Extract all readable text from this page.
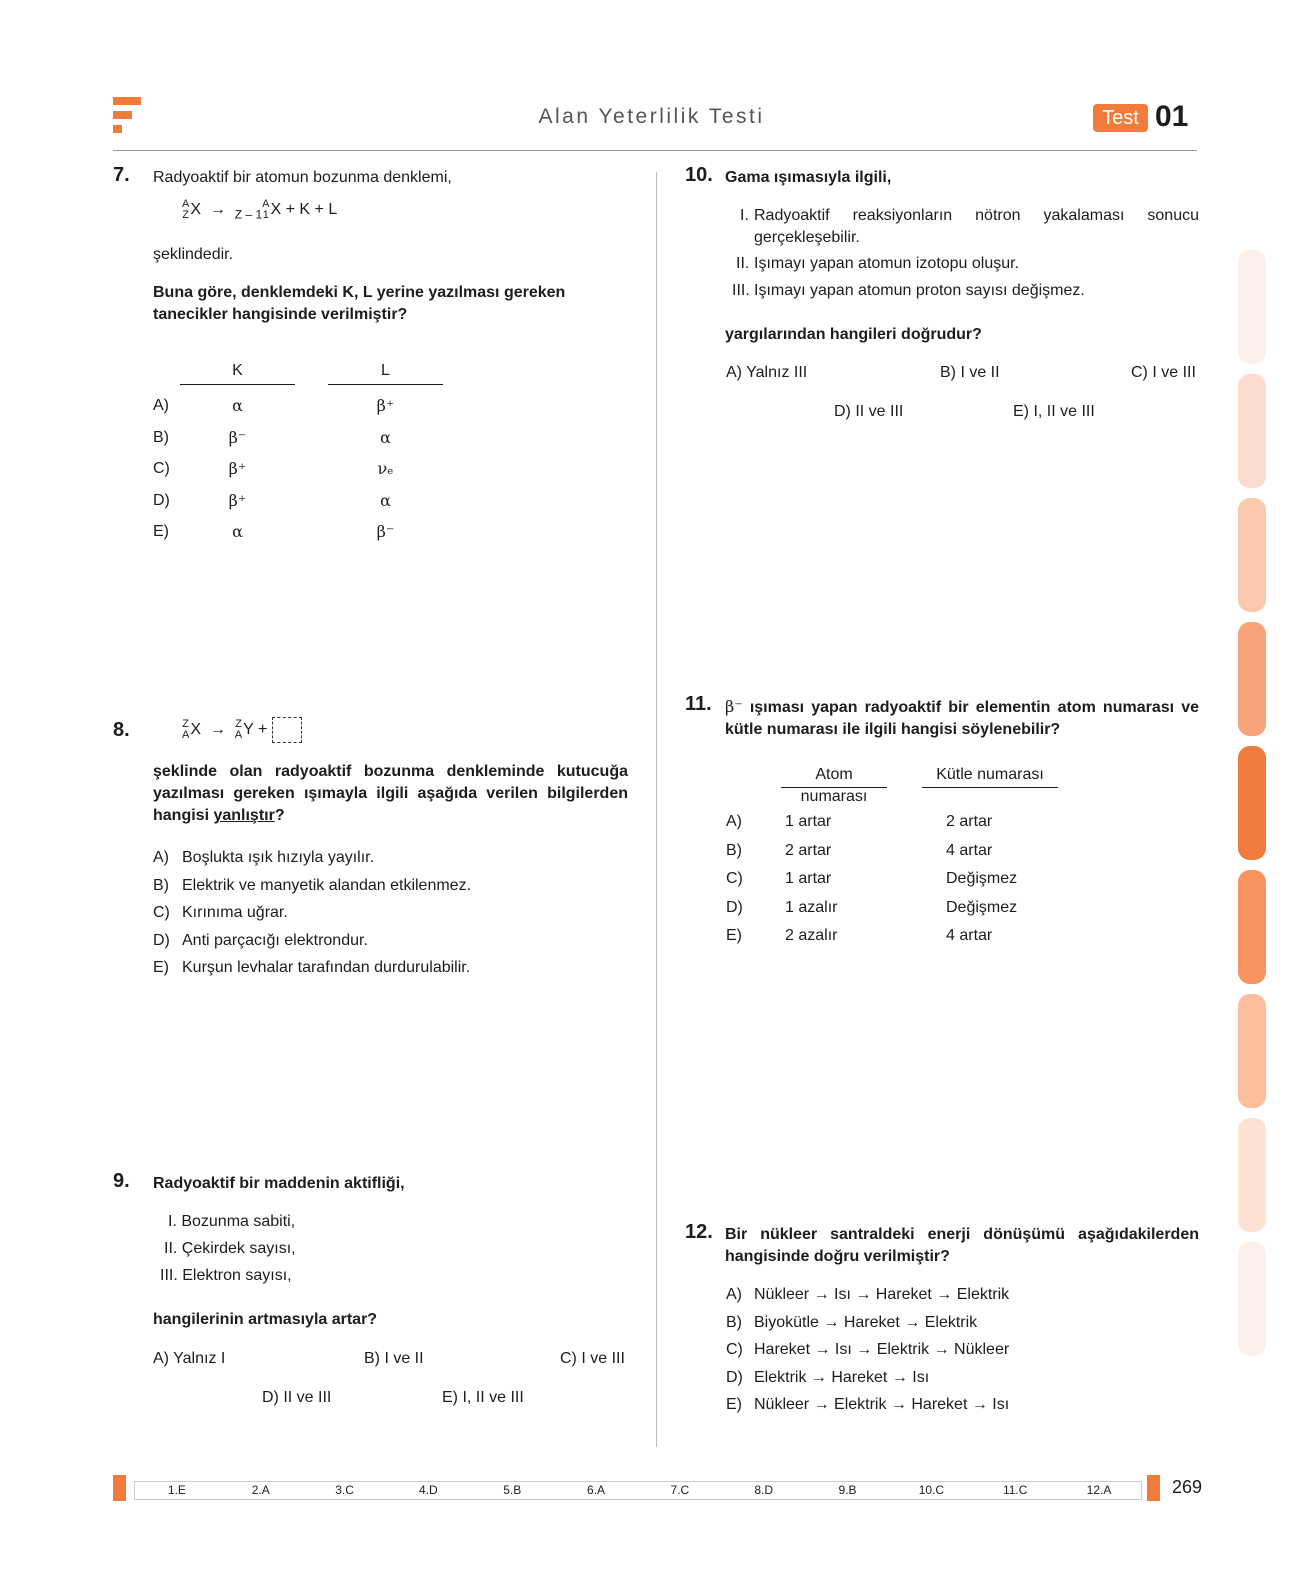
Alan Yeterlilik Testi	Test 01
7. Radyoaktif bir atomun bozunma denklemi,
A
ZX → $_{Z - 1}$A
1 X + K + L
şeklindedir.
Buna göre, denklemdeki K, L yerine yazılması gereken tanecikler hangisinde verilmiştir?
K	L
A)	α	β⁺
B)	β⁻	α
C)	β⁺	νₑ
D)	β⁺	α
E)	α	β⁻
8.	Z
AX → Z
AY +
şeklinde olan radyoaktif bozunma denkleminde kutucuğa yazılması gereken ışımayla ilgili aşağıda verilen bilgilerden hangisi yanlıştır?
A) Boşlukta ışık hızıyla yayılır.
B) Elektrik ve manyetik alandan etkilenmez.
C) Kırınıma uğrar.
D) Anti parçacığı elektrondur.
E) Kurşun levhalar tarafından durdurulabilir.
9. Radyoaktif bir maddenin aktifliği,
I. Bozunma sabiti,
II. Çekirdek sayısı,
III. Elektron sayısı,
hangilerinin artmasıyla artar?
A) Yalnız I	B) I ve II	C) I ve III
D) II ve III	E) I, II ve III
10. Gama ışımasıyla ilgili,
I. Radyoaktif reaksiyonların nötron yakalaması sonucu gerçekleşebilir.
II. Işımayı yapan atomun izotopu oluşur.
III. Işımayı yapan atomun proton sayısı değişmez.
yargılarından hangileri doğrudur?
A) Yalnız III	B) I ve II	C) I ve III
D) II ve III	E) I, II ve III
11. β⁻ ışıması yapan radyoaktif bir elementin atom numarası ve kütle numarası ile ilgili hangisi söylenebilir?
Atom numarası
Kütle numarası
A)	1 artar	2 artar
B)	2 artar	4 artar
C)	1 artar	Değişmez
D)	1 azalır	Değişmez
E)	2 azalır	4 artar
12. Bir nükleer santraldeki enerji dönüşümü aşağıdakilerden hangisinde doğru verilmiştir?
A) Nükleer → Isı → Hareket → Elektrik
B) Biyokütle → Hareket → Elektrik
C) Hareket → Isı → Elektrik → Nükleer
D) Elektrik → Hareket → Isı
E) Nükleer → Elektrik → Hareket → Isı
1.E	2.A	3.C	4.D	5.B	6.A	7.C	8.D	9.B	10.C	11.C	12.A	269
